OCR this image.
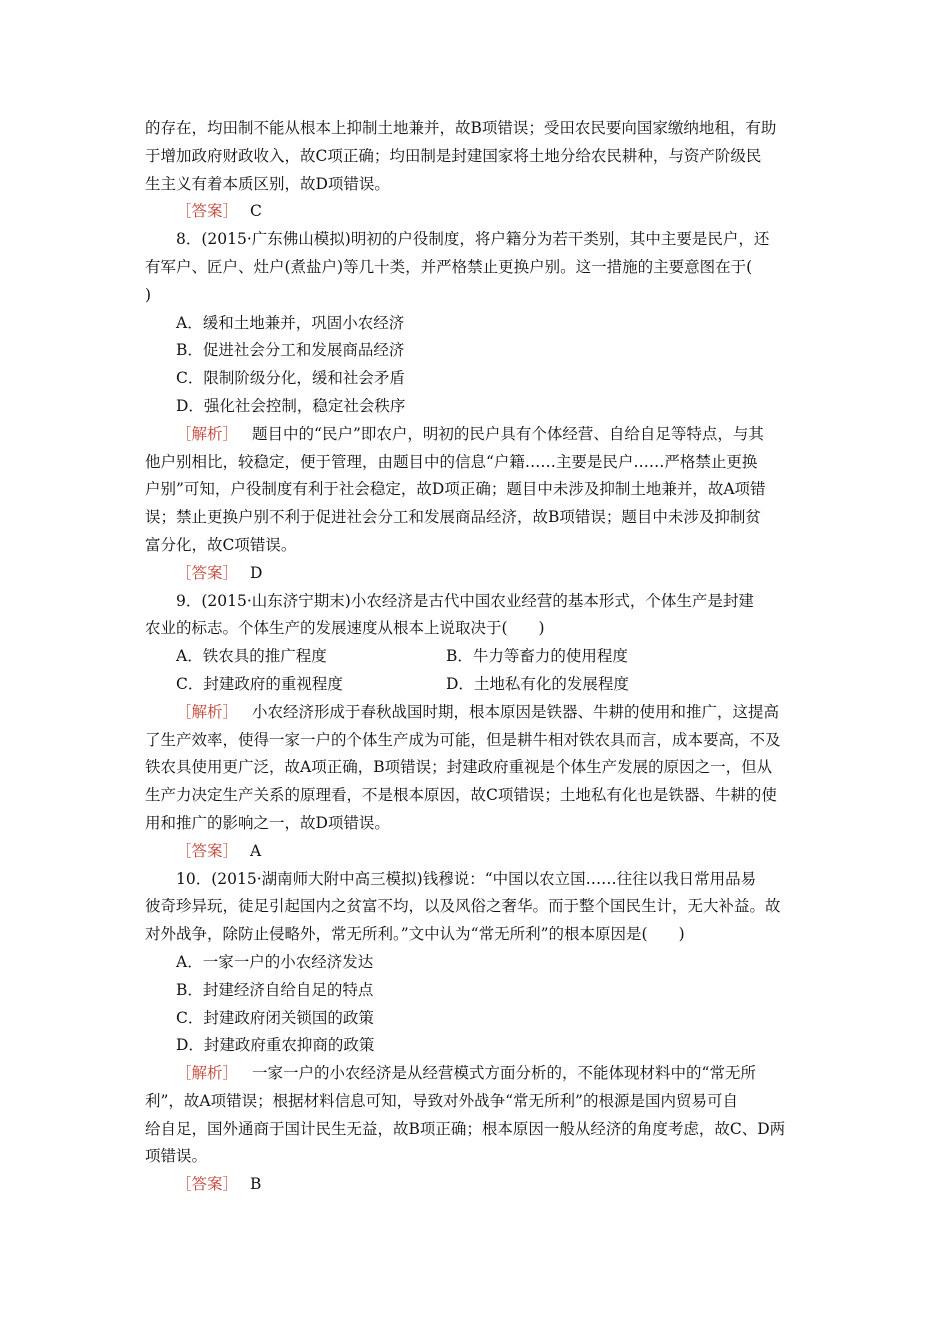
的存在，均田制不能从根本上抑制土地兼并，故B项错误；受田农民要向国家缴纳地租，有助

于增加政府财政收入，故C项正确；均田制是封建国家将土地分给农民耕种，与资产阶级民

生主义有着本质区别，故D项错误。

［答案］ C

8．(2015·广东佛山模拟)明初的户役制度，将户籍分为若干类别，其中主要是民户，还

有军户、匠户、灶户(煮盐户)等几十类，并严格禁止更换户别。这一措施的主要意图在于(

)

A．缓和土地兼并，巩固小农经济

B．促进社会分工和发展商品经济

C．限制阶级分化，缓和社会矛盾

D．强化社会控制，稳定社会秩序

［解析］ 题目中的“民户”即农户，明初的民户具有个体经营、自给自足等特点，与其

他户别相比，较稳定，便于管理，由题目中的信息“户籍……主要是民户……严格禁止更换

户别”可知，户役制度有利于社会稳定，故D项正确；题目中未涉及抑制土地兼并，故A项错

误；禁止更换户别不利于促进社会分工和发展商品经济，故B项错误；题目中未涉及抑制贫

富分化，故C项错误。

［答案］ D

9．(2015·山东济宁期末)小农经济是古代中国农业经营的基本形式，个体生产是封建

农业的标志。个体生产的发展速度从根本上说取决于(　　)

A．铁农具的推广程度	B．牛力等畜力的使用程度
C．封建政府的重视程度	D．土地私有化的发展程度

［解析］ 小农经济形成于春秋战国时期，根本原因是铁器、牛耕的使用和推广，这提高

了生产效率，使得一家一户的个体生产成为可能，但是耕牛相对铁农具而言，成本要高，不及

铁农具使用更广泛，故A项正确，B项错误；封建政府重视是个体生产发展的原因之一，但从

生产力决定生产关系的原理看，不是根本原因，故C项错误；土地私有化也是铁器、牛耕的使

用和推广的影响之一，故D项错误。

［答案］ A

10．(2015·湖南师大附中高三模拟)钱穆说：“中国以农立国……往往以我日常用品易

彼奇珍异玩，徒足引起国内之贫富不均，以及风俗之奢华。而于整个国民生计，无大补益。故

对外战争，除防止侵略外，常无所利。”文中认为“常无所利”的根本原因是(　　)

A．一家一户的小农经济发达

B．封建经济自给自足的特点

C．封建政府闭关锁国的政策

D．封建政府重农抑商的政策

［解析］ 一家一户的小农经济是从经营模式方面分析的，不能体现材料中的“常无所

利”，故A项错误；根据材料信息可知，导致对外战争“常无所利”的根源是国内贸易可自

给自足，国外通商于国计民生无益，故B项正确；根本原因一般从经济的角度考虑，故C、D两

项错误。

［答案］ B
